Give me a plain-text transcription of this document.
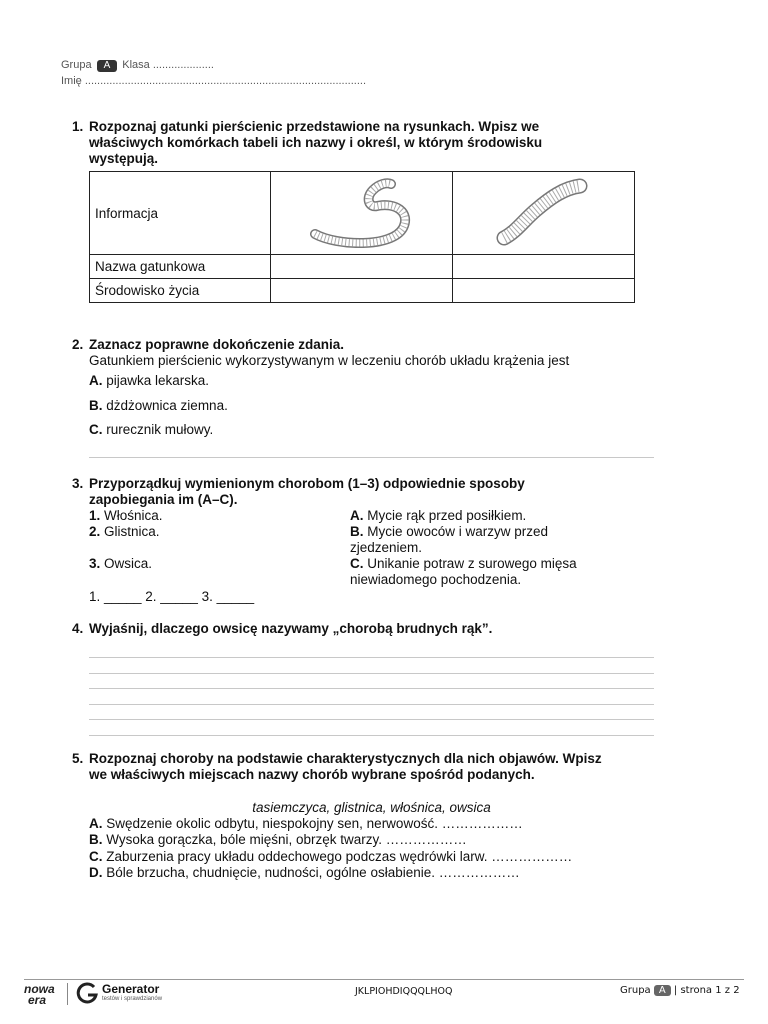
Grupa A Klasa ....................
Imię ............................................................................................
1. Rozpoznaj gatunki pierścienic przedstawione na rysunkach. Wpisz we właściwych komórkach tabeli ich nazwy i określ, w którym środowisku występują.
Informacja		
Nazwa gatunkowa		
Środowisko życia		
2. Zaznacz poprawne dokończenie zdania.
Gatunkiem pierścienic wykorzystywanym w leczeniu chorób układu krążenia jest
A. pijawka lekarska.
B. dżdżownica ziemna.
C. rurecznik mułowy.
3. Przyporządkuj wymienionym chorobom (1–3) odpowiednie sposoby zapobiegania im (A–C).
1. Włośnica.
2. Glistnica.
3. Owsica.
A. Mycie rąk przed posiłkiem.
B. Mycie owoców i warzyw przed zjedzeniem.
C. Unikanie potraw z surowego mięsa niewiadomego pochodzenia.
1. _____ 2. _____ 3. _____
4. Wyjaśnij, dlaczego owsicę nazywamy „chorobą brudnych rąk”.
5. Rozpoznaj choroby na podstawie charakterystycznych dla nich objawów. Wpisz we właściwych miejscach nazwy chorób wybrane spośród podanych.
tasiemczyca, glistnica, włośnica, owsica
A. Swędzenie okolic odbytu, niespokojny sen, nerwowość. ………………
B. Wysoka gorączka, bóle mięśni, obrzęk twarzy. ………………
C. Zaburzenia pracy układu oddechowego podczas wędrówki larw. ………………
D. Bóle brzucha, chudnięcie, nudności, ogólne osłabienie. ………………
nowa
era
Generator
testów i sprawdzianów
JKLPIOHDIQQQLHOQ	Grupa A | strona 1 z 2
